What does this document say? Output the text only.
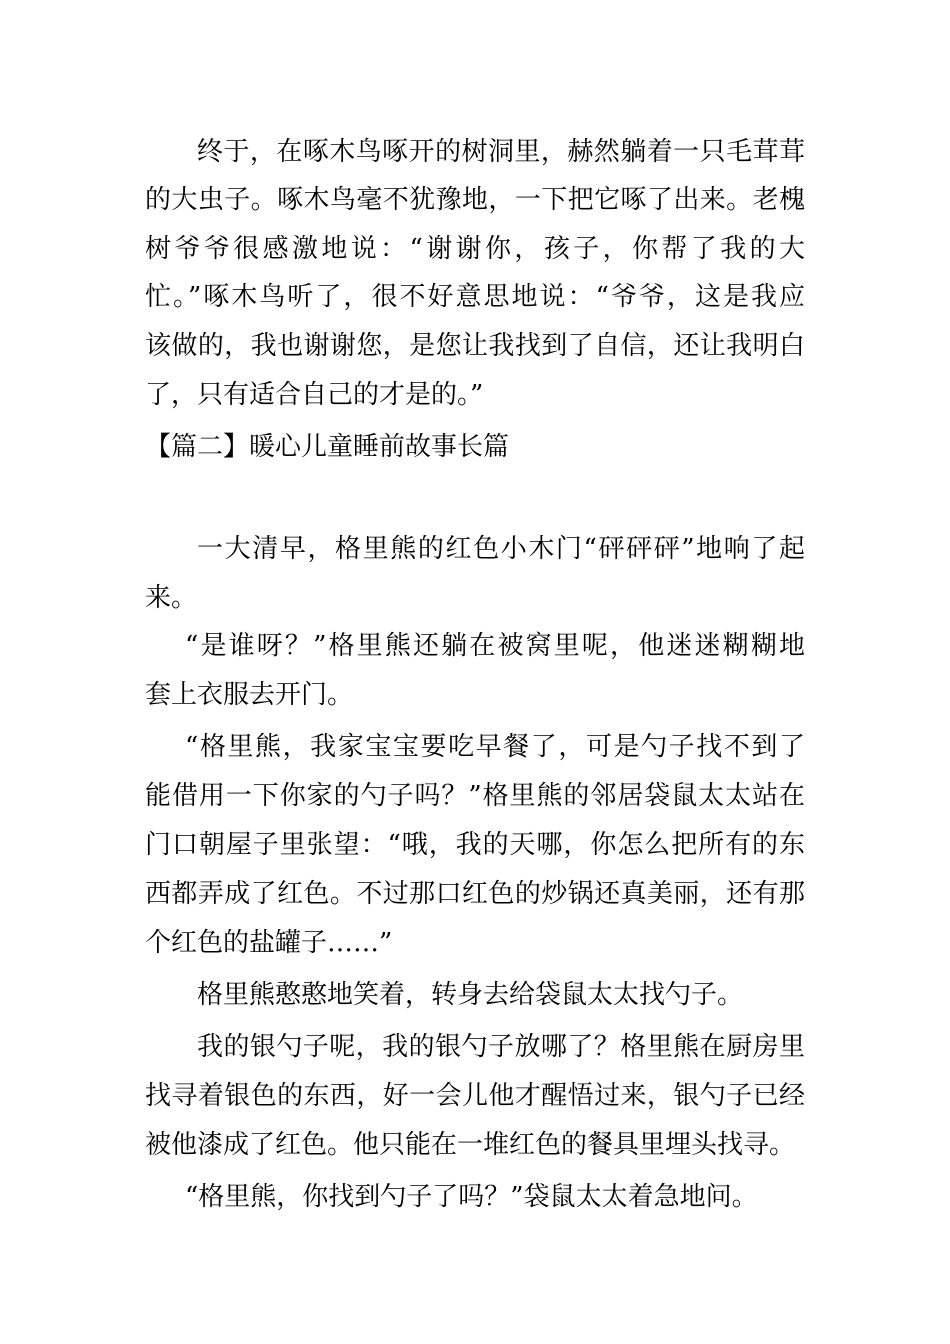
终于，在啄木鸟啄开的树洞里，赫然躺着一只毛茸茸
的大虫子。啄木鸟毫不犹豫地，一下把它啄了出来。老槐
树爷爷很感激地说：“谢谢你，孩子，你帮了我的大
忙。”啄木鸟听了，很不好意思地说：“爷爷，这是我应
该做的，我也谢谢您，是您让我找到了自信，还让我明白
了，只有适合自己的才是的。”
【篇二】暖心儿童睡前故事长篇
一大清早，格里熊的红色小木门“砰砰砰”地响了起
来。
“是谁呀？”格里熊还躺在被窝里呢，他迷迷糊糊地
套上衣服去开门。
“格里熊，我家宝宝要吃早餐了，可是勺子找不到了
能借用一下你家的勺子吗？”格里熊的邻居袋鼠太太站在
门口朝屋子里张望：“哦，我的天哪，你怎么把所有的东
西都弄成了红色。不过那口红色的炒锅还真美丽，还有那
个红色的盐罐子……”
格里熊憨憨地笑着，转身去给袋鼠太太找勺子。
我的银勺子呢，我的银勺子放哪了？格里熊在厨房里
找寻着银色的东西，好一会儿他才醒悟过来，银勺子已经
被他漆成了红色。他只能在一堆红色的餐具里埋头找寻。
“格里熊，你找到勺子了吗？”袋鼠太太着急地问。
